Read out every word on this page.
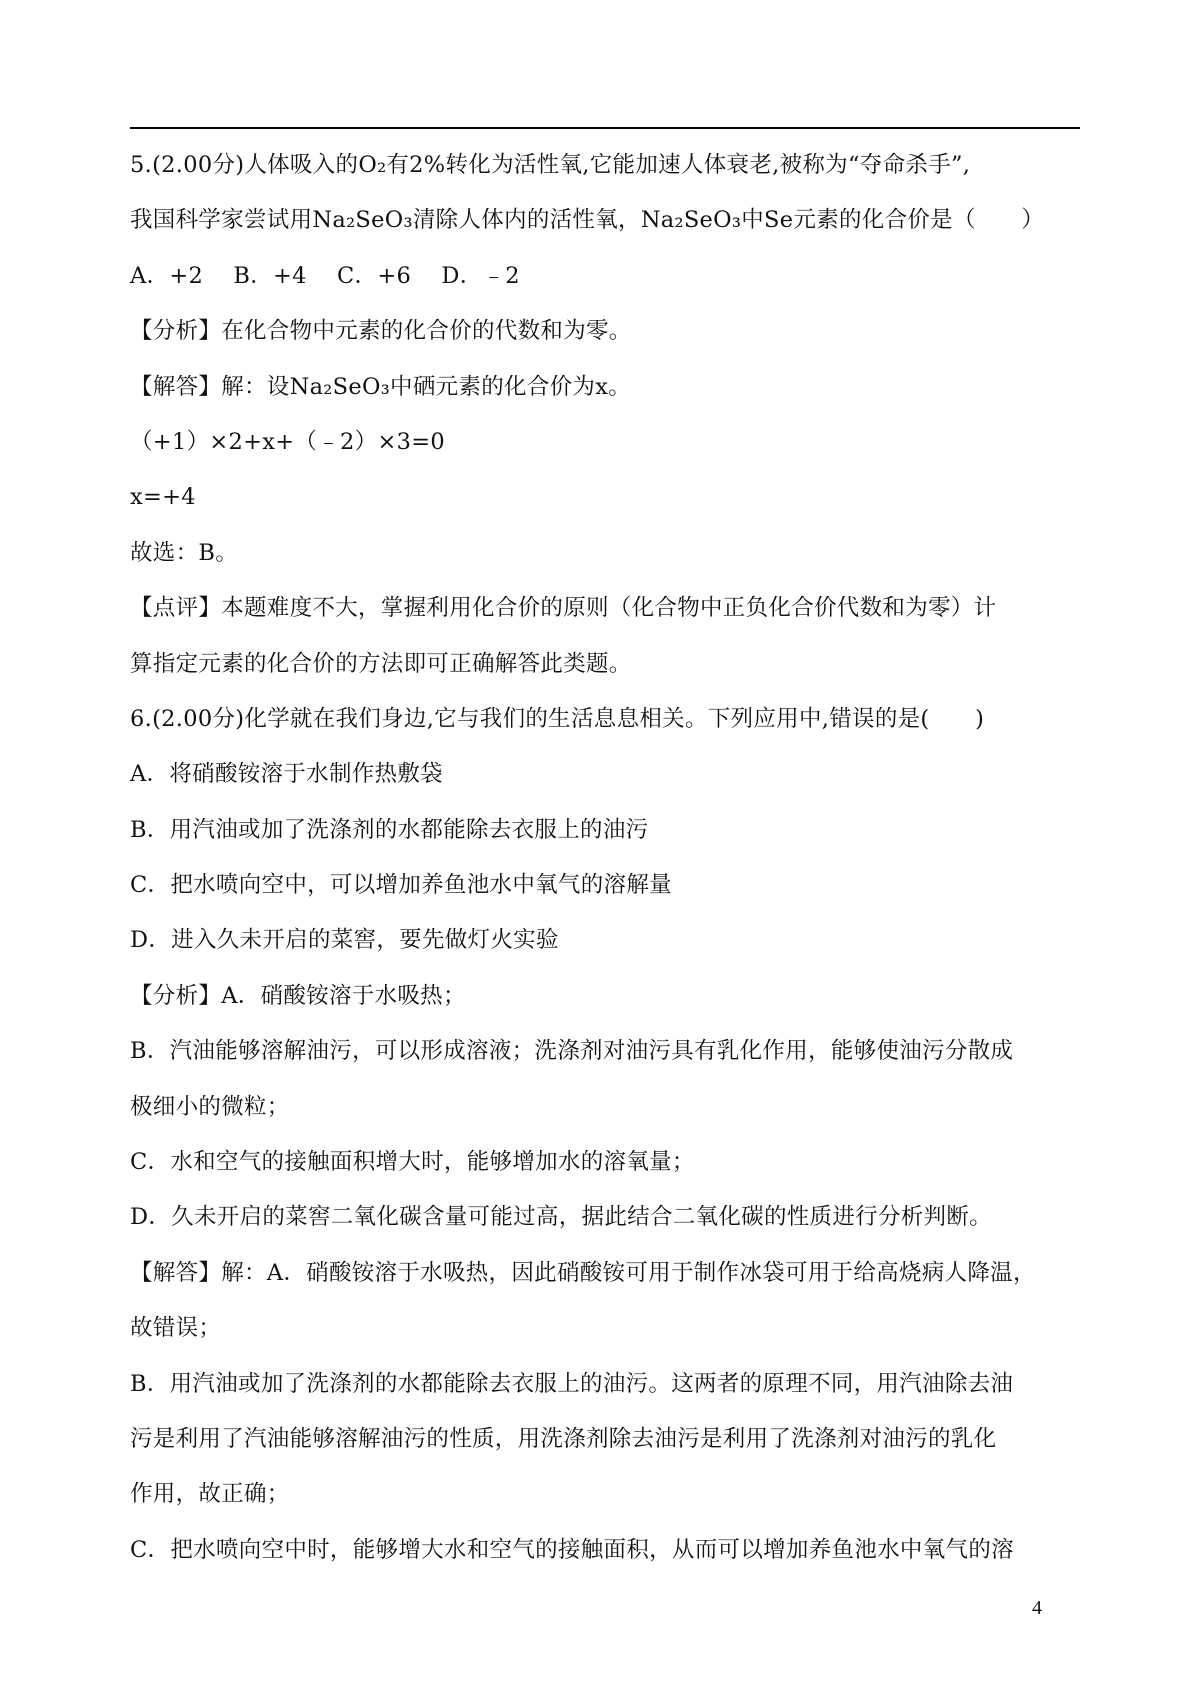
5.(2.00分)人体吸入的O₂有2%转化为活性氧,它能加速人体衰老,被称为“夺命杀手”,
我国科学家尝试用Na₂SeO₃清除人体内的活性氧，Na₂SeO₃中Se元素的化合价是（　　）
A．+2　 B．+4　 C．+6　 D．﹣2
【分析】在化合物中元素的化合价的代数和为零。
【解答】解：设Na₂SeO₃中硒元素的化合价为x。
（+1）×2+x+（﹣2）×3=0
x=+4
故选：B。
【点评】本题难度不大，掌握利用化合价的原则（化合物中正负化合价代数和为零）计
算指定元素的化合价的方法即可正确解答此类题。
6.(2.00分)化学就在我们身边,它与我们的生活息息相关。下列应用中,错误的是(　　)
A．将硝酸铵溶于水制作热敷袋
B．用汽油或加了洗涤剂的水都能除去衣服上的油污
C．把水喷向空中，可以增加养鱼池水中氧气的溶解量
D．进入久未开启的菜窖，要先做灯火实验
【分析】A．硝酸铵溶于水吸热；
B．汽油能够溶解油污，可以形成溶液；洗涤剂对油污具有乳化作用，能够使油污分散成
极细小的微粒；
C．水和空气的接触面积增大时，能够增加水的溶氧量；
D．久未开启的菜窖二氧化碳含量可能过高，据此结合二氧化碳的性质进行分析判断。
【解答】解：A．硝酸铵溶于水吸热，因此硝酸铵可用于制作冰袋可用于给高烧病人降温，
故错误；
B．用汽油或加了洗涤剂的水都能除去衣服上的油污。这两者的原理不同，用汽油除去油
污是利用了汽油能够溶解油污的性质，用洗涤剂除去油污是利用了洗涤剂对油污的乳化
作用，故正确；
C．把水喷向空中时，能够增大水和空气的接触面积，从而可以增加养鱼池水中氧气的溶
4
